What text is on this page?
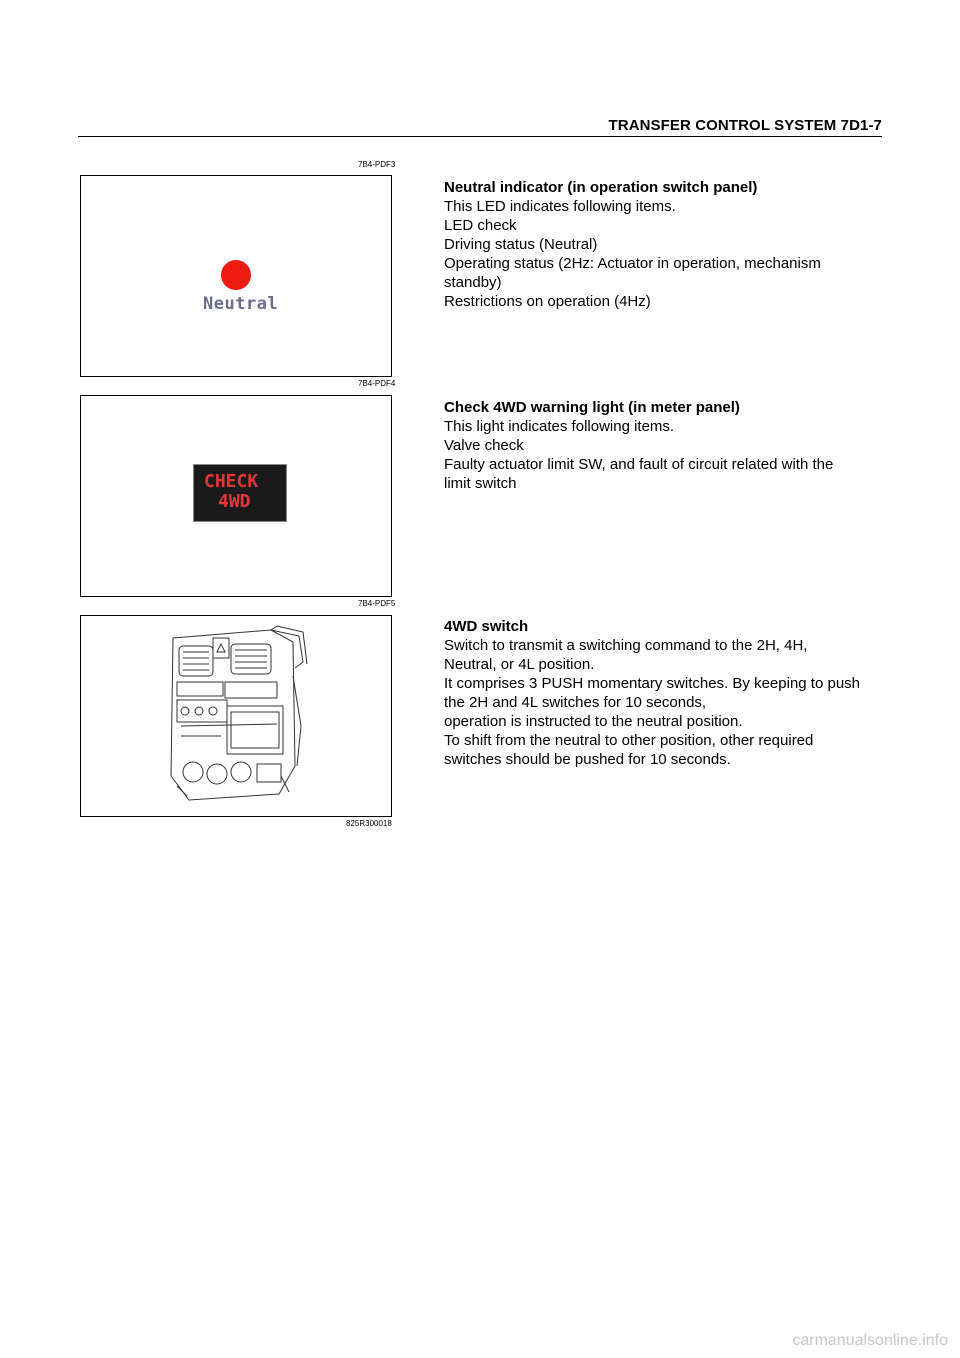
TRANSFER CONTROL SYSTEM 7D1-7
7B4-PDF3
Neutral
7B4-PDF4
Neutral indicator (in operation switch panel)
This LED indicates following items.
LED check
Driving status (Neutral)
Operating status (2Hz: Actuator in operation, mechanism standby)
Restrictions on operation (4Hz)
CHECK
4WD
7B4-PDF5
Check 4WD warning light (in meter panel)
This light indicates following items.
Valve check
Faulty actuator limit SW, and fault of circuit related with the limit switch
825R300018
4WD switch
Switch to transmit a switching command to the 2H, 4H, Neutral, or 4L position.
It comprises 3 PUSH momentary switches. By keeping to push the 2H and 4L switches for 10 seconds,
operation is instructed to the neutral position.
To shift from the neutral to other position, other required switches should be pushed for 10 seconds.
carmanualsonline.info
